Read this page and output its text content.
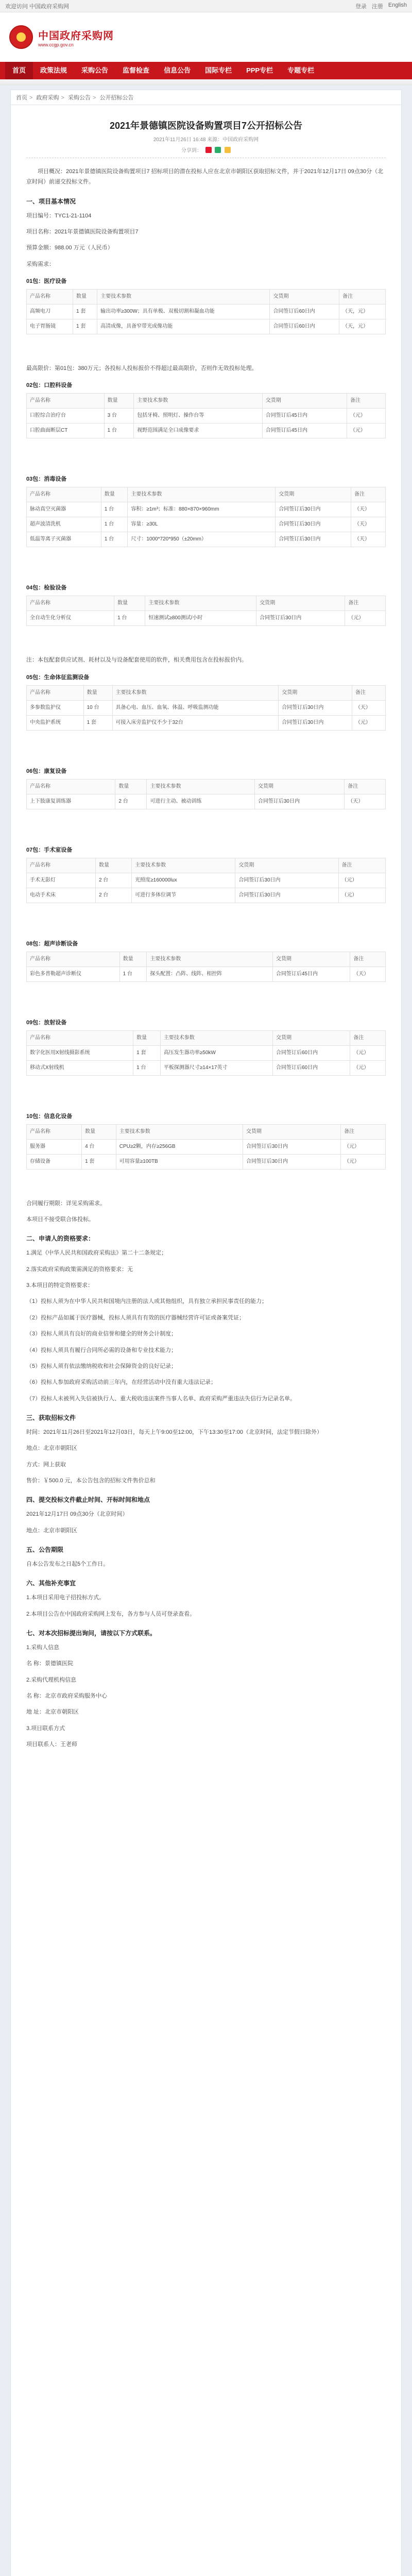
欢迎访问 中国政府采购网	登录 注册 English
中国政府采购网
www.ccgp.gov.cn
首页	政策法规	采购公告	监督检查	信息公告	国际专栏	PPP专栏	专题专栏
首页 > 政府采购 > 采购公告 > 公开招标公告
2021年景德镇医院设备购置项目7公开招标公告
2021年11月26日 16:48 来源：中国政府采购网
分享到：

项目概况：2021年景德镇医院设备购置项目7 招标项目的潜在投标人应在北京市朝阳区获取招标文件，并于2021年12月17日 09点30分（北京时间）前递交投标文件。

一、项目基本情况

项目编号：TYC1-21-1104

项目名称：2021年景德镇医院设备购置项目7

预算金额：988.00 万元（人民币）

采购需求：

01包：医疗设备
产品名称	数量	主要技术参数	交货期	备注
高频电刀	1 套	输出功率≥300W；具有单极、双极切割和凝血功能	合同签订后60日内	（天，元）
电子胃肠镜	1 套	高清成像，具备窄带光成像功能	合同签订后60日内	（天，元）

最高限价：第01包：380万元；各投标人投标报价不得超过最高限价，否则作无效投标处理。

02包：口腔科设备
产品名称	数量	主要技术参数	交货期	备注
口腔综合治疗台	3 台	包括牙椅、照明灯、操作台等	合同签订后45日内	（元）
口腔曲面断层CT	1 台	视野范围满足全口成像要求	合同签订后45日内	（元）
03包：消毒设备
产品名称	数量	主要技术参数	交货期	备注
脉动真空灭菌器	1 台	容积：≥1m³；标准：880×870×960mm	合同签订后30日内	（天）
超声波清洗机	1 台	容量：≥30L	合同签订后30日内	（天）
低温等离子灭菌器	1 台	尺寸：1000*720*950（±20mm）	合同签订后30日内	（天）
04包：检验设备
产品名称	数量	主要技术参数	交货期	备注
全自动生化分析仪	1 台	恒速测试≥800测试/小时	合同签订后30日内	（元）

注：本包配套供应试剂、耗材以及与设备配套使用的软件，相关费用包含在投标报价内。

05包：生命体征监测设备
产品名称	数量	主要技术参数	交货期	备注
多参数监护仪	10 台	具备心电、血压、血氧、体温、呼吸监测功能	合同签订后30日内	（天）
中央监护系统	1 套	可接入床旁监护仪不少于32台	合同签订后30日内	（元）
06包：康复设备
产品名称	数量	主要技术参数	交货期	备注
上下肢康复训练器	2 台	可进行主动、被动训练	合同签订后30日内	（天）
07包：手术室设备
产品名称	数量	主要技术参数	交货期	备注
手术无影灯	2 台	光照度≥160000lux	合同签订后30日内	（元）
电动手术床	2 台	可进行多体位调节	合同签订后30日内	（元）
08包：超声诊断设备
产品名称	数量	主要技术参数	交货期	备注
彩色多普勒超声诊断仪	1 台	探头配置：凸阵、线阵、相控阵	合同签订后45日内	（天）
09包：放射设备
产品名称	数量	主要技术参数	交货期	备注
数字化医用X射线摄影系统	1 套	高压发生器功率≥50kW	合同签订后60日内	（元）
移动式X射线机	1 台	平板探测器尺寸≥14×17英寸	合同签订后60日内	（元）
10包：信息化设备
产品名称	数量	主要技术参数	交货期	备注
服务器	4 台	CPU≥2颗，内存≥256GB	合同签订后30日内	（元）
存储设备	1 套	可用容量≥100TB	合同签订后30日内	（元）

合同履行期限：详见采购需求。

本项目不接受联合体投标。

二、申请人的资格要求：

1.满足《中华人民共和国政府采购法》第二十二条规定；

2.落实政府采购政策需满足的资格要求：无

3.本项目的特定资格要求：

（1）投标人须为在中华人民共和国境内注册的法人或其他组织，具有独立承担民事责任的能力；

（2）投标产品如属于医疗器械，投标人须具有有效的医疗器械经营许可证或备案凭证；

（3）投标人须具有良好的商业信誉和健全的财务会计制度；

（4）投标人须具有履行合同所必需的设备和专业技术能力；

（5）投标人须有依法缴纳税收和社会保障资金的良好记录；

（6）投标人参加政府采购活动前三年内，在经营活动中没有重大违法记录；

（7）投标人未被列入失信被执行人、重大税收违法案件当事人名单、政府采购严重违法失信行为记录名单。

三、获取招标文件

时间：2021年11月26日至2021年12月03日，每天上午9:00至12:00，下午13:30至17:00（北京时间，法定节假日除外）

地点：北京市朝阳区

方式：网上获取

售价：￥500.0 元，本公告包含的招标文件售价总和

四、提交投标文件截止时间、开标时间和地点

2021年12月17日 09点30分（北京时间）

地点：北京市朝阳区

五、公告期限

自本公告发布之日起5个工作日。

六、其他补充事宜

1.本项目采用电子招投标方式。

2.本项目公告在中国政府采购网上发布，各方参与人员可登录查看。

七、对本次招标提出询问，请按以下方式联系。

1.采购人信息

名 称：景德镇医院

2.采购代理机构信息

名 称：北京市政府采购服务中心

地 址：北京市朝阳区

3.项目联系方式

项目联系人：王老师
